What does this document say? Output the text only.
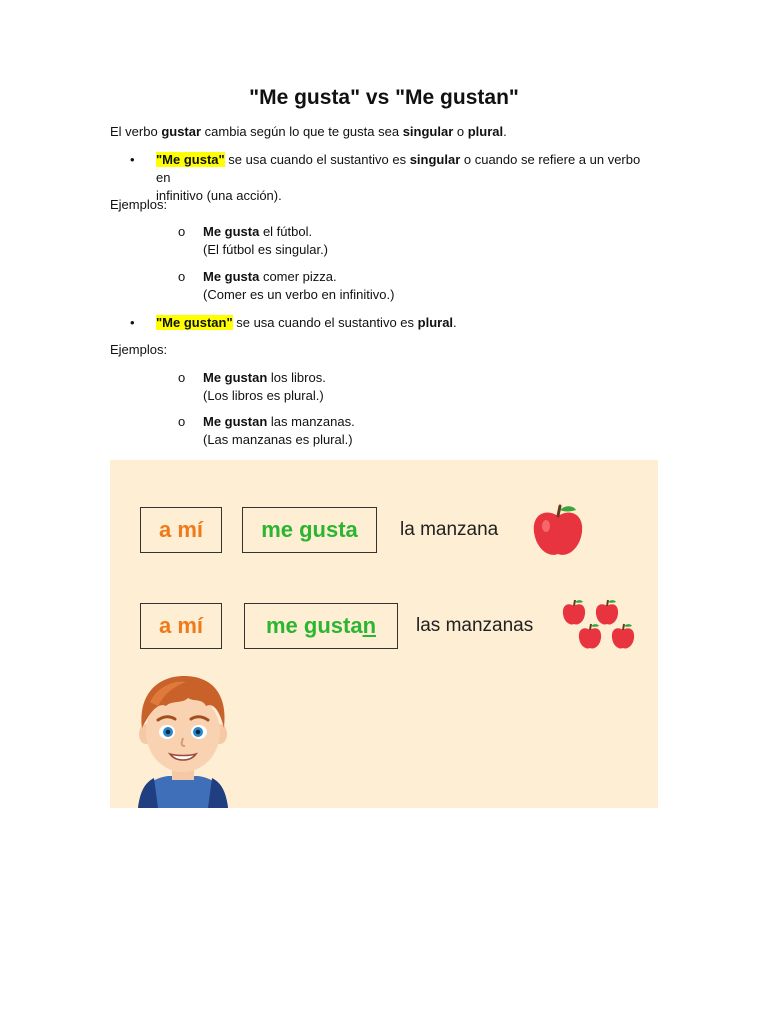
"Me gusta" vs "Me gustan"
El verbo gustar cambia según lo que te gusta sea singular o plural.
• "Me gusta" se usa cuando el sustantivo es singular o cuando se refiere a un verbo en
infinitivo (una acción).
Ejemplos:
o Me gusta el fútbol.
(El fútbol es singular.)
o Me gusta comer pizza.
(Comer es un verbo en infinitivo.)
• "Me gustan" se usa cuando el sustantivo es plural.
Ejemplos:
o Me gustan los libros.
(Los libros es plural.)
o Me gustan las manzanas.
(Las manzanas es plural.)
a mí	me gusta la manzana
a mí	me gusta n las manzanas
